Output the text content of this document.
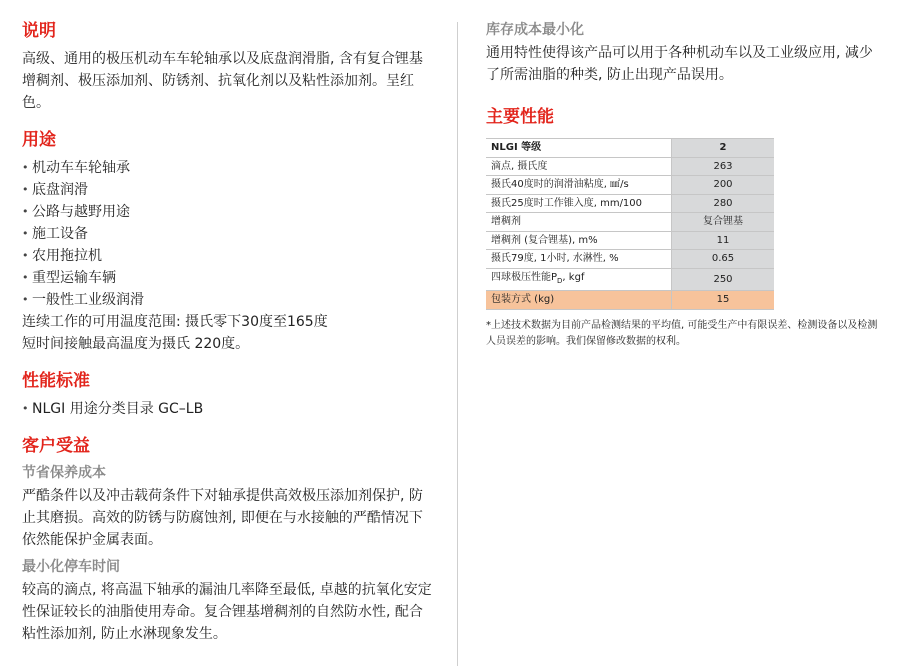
说明

高级、通用的极压机动车车轮轴承以及底盘润滑脂, 含有复合锂基增稠剂、极压添加剂、防锈剂、抗氧化剂以及粘性添加剂。呈红色。

用途
• 机动车车轮轴承
• 底盘润滑
• 公路与越野用途
• 施工设备
• 农用拖拉机
• 重型运输车辆
• 一般性工业级润滑

连续工作的可用温度范围: 摄氏零下30度至165度

短时间接触最高温度为摄氏 220度。

性能标准
• NLGI 用途分类目录 GC–LB
客户受益
节省保养成本

严酷条件以及冲击载荷条件下对轴承提供高效极压添加剂保护, 防止其磨损。高效的防锈与防腐蚀剂, 即便在与水接触的严酷情况下依然能保护金属表面。

最小化停车时间

较高的滴点, 将高温下轴承的漏油几率降至最低, 卓越的抗氧化安定性保证较长的油脂使用寿命。复合锂基增稠剂的自然防水性, 配合粘性添加剂, 防止水淋现象发生。

库存成本最小化

通用特性使得该产品可以用于各种机动车以及工业级应用, 减少了所需油脂的种类, 防止出现产品误用。

主要性能
NLGI 等级	2
滴点, 摄氏度	263
摄氏40度时的润滑油粘度, ㎟/s	200
摄氏25度时工作锥入度, mm/100	280
增稠剂	复合锂基
增稠剂 (复合锂基), m%	11
摄氏79度, 1小时, 水淋性, %	0.65
四球极压性能$P_D$, kgf	250
包装方式 (kg)	15
*上述技术数据为目前产品检测结果的平均值, 可能受生产中有限误差、检测设备以及检测人员误差的影响。我们保留修改数据的权利。
